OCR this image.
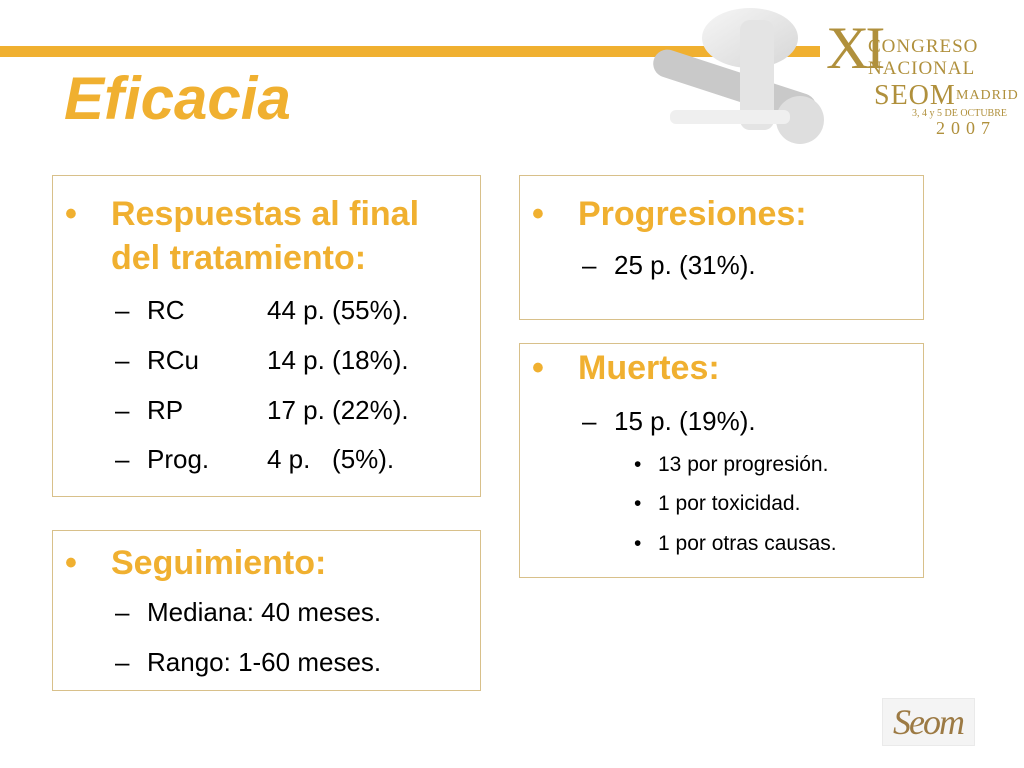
Eficacia
XI
CONGRESO
NACIONAL
SEOM MADRID
3, 4 y 5 DE OCTUBRE
2007
•	Respuestas al final
del tratamiento:
– RC	44 p. (55%).
– RCu	14 p. (18%).
– RP	17 p. (22%).
– Prog. 4 p.   (5%).
•	Seguimiento:
– Mediana: 40 meses.
– Rango: 1-60 meses.
•	Progresiones:
– 25 p. (31%).
•	Muertes:
– 15 p. (19%).
• 13 por progresión.
• 1 por toxicidad.
• 1 por otras causas.
Seom
